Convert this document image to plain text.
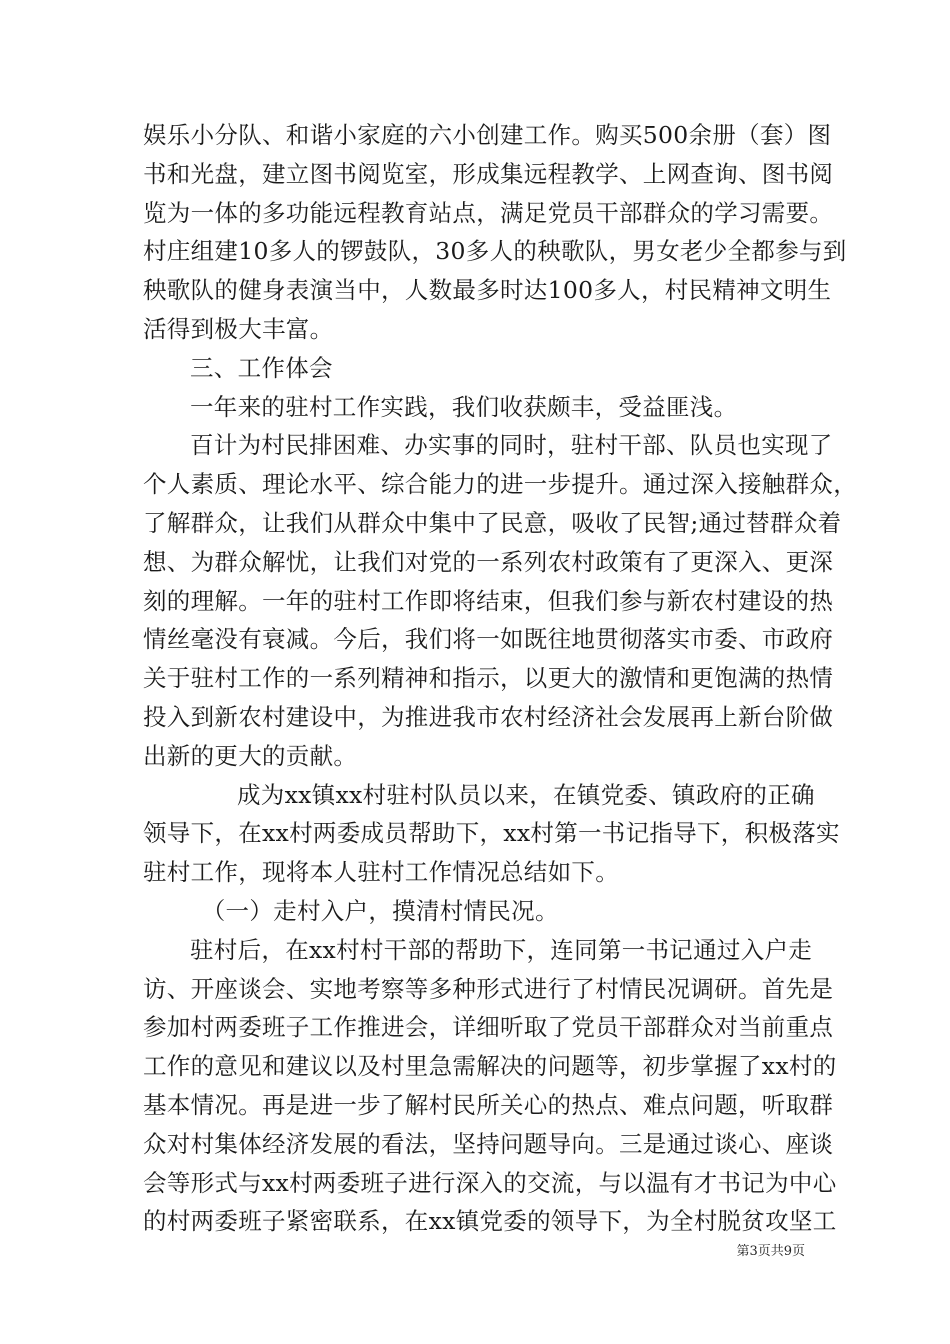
娱乐小分队、和谐小家庭的六小创建工作。购买500余册（套）图
书和光盘，建立图书阅览室，形成集远程教学、上网查询、图书阅
览为一体的多功能远程教育站点，满足党员干部群众的学习需要。
村庄组建10多人的锣鼓队，30多人的秧歌队，男女老少全都参与到
秧歌队的健身表演当中，人数最多时达100多人，村民精神文明生
活得到极大丰富。
三、工作体会
一年来的驻村工作实践，我们收获颇丰，受益匪浅。
百计为村民排困难、办实事的同时，驻村干部、队员也实现了
个人素质、理论水平、综合能力的进一步提升。通过深入接触群众，
了解群众，让我们从群众中集中了民意，吸收了民智;通过替群众着
想、为群众解忧，让我们对党的一系列农村政策有了更深入、更深
刻的理解。一年的驻村工作即将结束，但我们参与新农村建设的热
情丝毫没有衰减。今后，我们将一如既往地贯彻落实市委、市政府
关于驻村工作的一系列精神和指示，以更大的激情和更饱满的热情
投入到新农村建设中，为推进我市农村经济社会发展再上新台阶做
出新的更大的贡献。
成为xx镇xx村驻村队员以来，在镇党委、镇政府的正确
领导下，在xx村两委成员帮助下，xx村第一书记指导下，积极落实
驻村工作，现将本人驻村工作情况总结如下。
（一）走村入户，摸清村情民况。
驻村后，在xx村村干部的帮助下，连同第一书记通过入户走
访、开座谈会、实地考察等多种形式进行了村情民况调研。首先是
参加村两委班子工作推进会，详细听取了党员干部群众对当前重点
工作的意见和建议以及村里急需解决的问题等，初步掌握了xx村的
基本情况。再是进一步了解村民所关心的热点、难点问题，听取群
众对村集体经济发展的看法，坚持问题导向。三是通过谈心、座谈
会等形式与xx村两委班子进行深入的交流，与以温有才书记为中心
的村两委班子紧密联系，在xx镇党委的领导下，为全村脱贫攻坚工
第3页共9页
